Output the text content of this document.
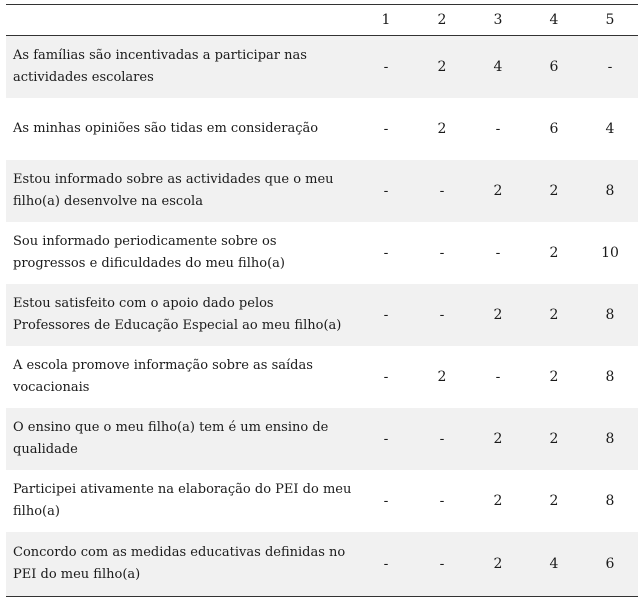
	1	2	3	4	5
As famílias são incentivadas a participar nas actividades escolares	-	2	4	6	-
As minhas opiniões são tidas em consideração	-	2	-	6	4
Estou informado sobre as actividades que o meu filho(a) desenvolve na escola	-	-	2	2	8
Sou informado periodicamente sobre os progressos e dificuldades do meu filho(a)	-	-	-	2	10
Estou satisfeito com o apoio dado pelos Professores de Educação Especial ao meu filho(a)	-	-	2	2	8
A escola promove informação sobre as saídas vocacionais	-	2	-	2	8
O ensino que o meu filho(a) tem é um ensino de qualidade	-	-	2	2	8
Participei ativamente na elaboração do PEI do meu filho(a)	-	-	2	2	8
Concordo com as medidas educativas definidas no PEI do meu filho(a)	-	-	2	4	6
